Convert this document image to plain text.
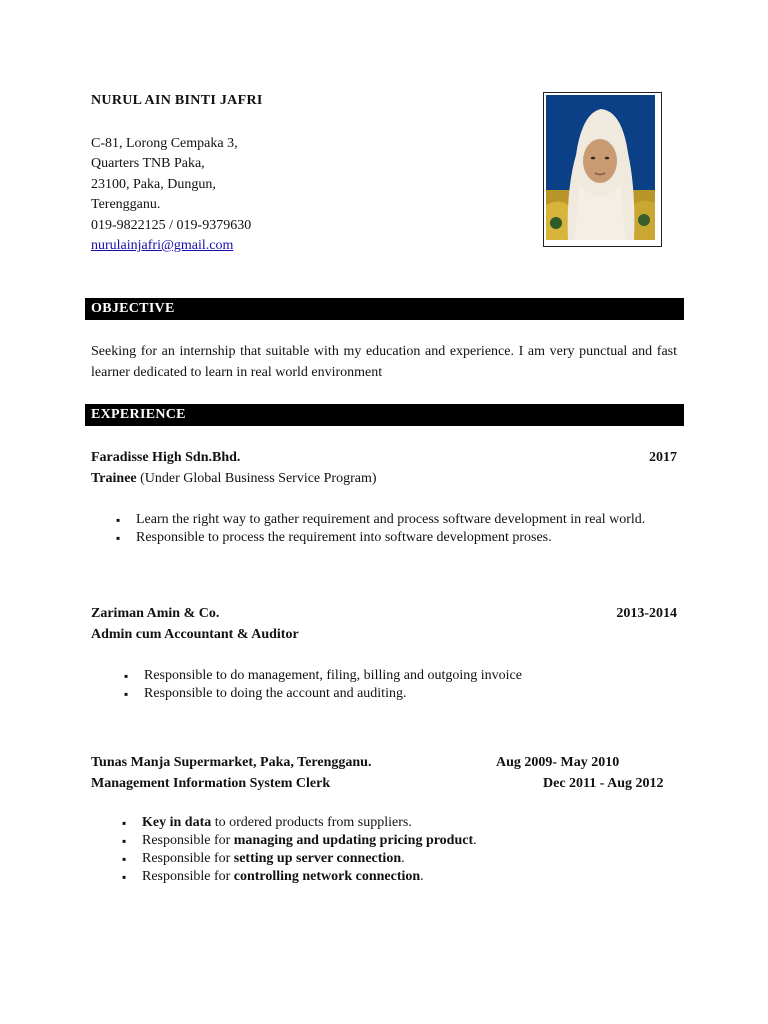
NURUL AIN BINTI JAFRI
C-81, Lorong Cempaka 3,
Quarters TNB Paka,
23100, Paka, Dungun,
Terengganu.
019-9822125 / 019-9379630
nurulainjafri@gmail.com
OBJECTIVE
Seeking for an internship that suitable with my education and experience. I am very punctual and fast learner dedicated to learn in real world environment
EXPERIENCE
Faradisse High Sdn.Bhd.	2017
Trainee (Under Global Business Service Program)
▪ Learn the right way to gather requirement and process software development in real world.
▪ Responsible to process the requirement into software development proses.
Zariman Amin & Co.	2013-2014
Admin cum Accountant & Auditor
▪ Responsible to do management, filing, billing and outgoing invoice
▪ Responsible to doing the account and auditing.
Tunas Manja Supermarket, Paka, Terengganu.	Aug 2009- May 2010
Management Information System Clerk	Dec 2011 - Aug 2012
▪ Key in data to ordered products from suppliers.
▪ Responsible for managing and updating pricing product.
▪ Responsible for setting up server connection.
▪ Responsible for controlling network connection.
